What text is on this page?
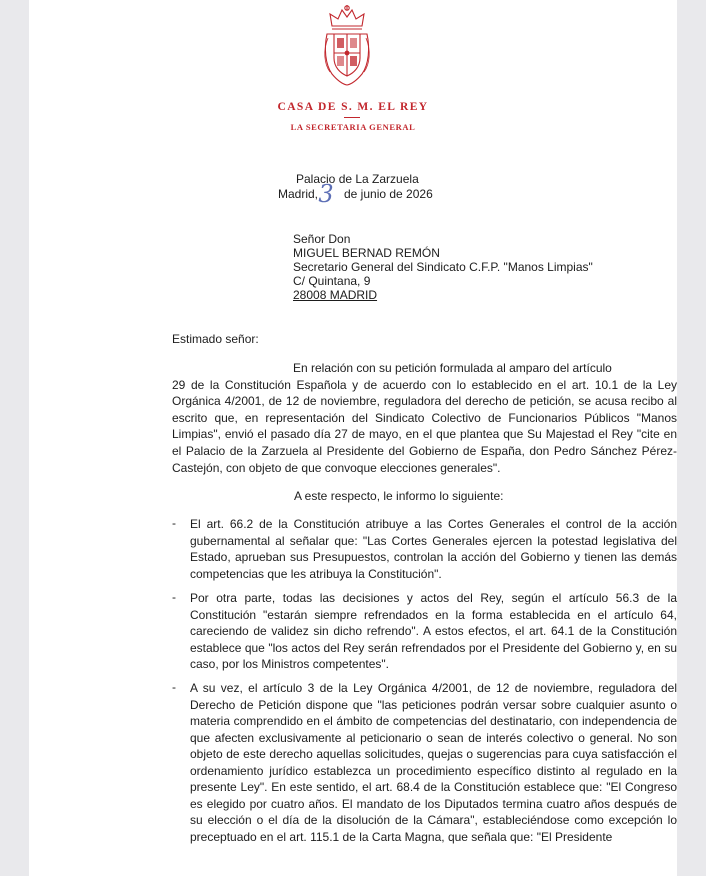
CASA DE S. M. EL REY
LA SECRETARIA GENERAL
Palacio de La Zarzuela
Madrid, 3 de junio de 2026
Señor Don
MIGUEL BERNAD REMÓN
Secretario General del Sindicato C.F.P. "Manos Limpias"
C/ Quintana, 9
28008 MADRID
Estimado señor:
En relación con su petición formulada al amparo del artículo
29 de la Constitución Española y de acuerdo con lo establecido en el art. 10.1 de la Ley Orgánica 4/2001, de 12 de noviembre, reguladora del derecho de petición, se acusa recibo al escrito que, en representación del Sindicato Colectivo de Funcionarios Públicos "Manos Limpias", envió el pasado día 27 de mayo, en el que plantea que Su Majestad el Rey "cite en el Palacio de la Zarzuela al Presidente del Gobierno de España, don Pedro Sánchez Pérez-Castejón, con objeto de que convoque elecciones generales".
A este respecto, le informo lo siguiente:
- El art. 66.2 de la Constitución atribuye a las Cortes Generales el control de la acción gubernamental al señalar que: "Las Cortes Generales ejercen la potestad legislativa del Estado, aprueban sus Presupuestos, controlan la acción del Gobierno y tienen las demás competencias que les atribuya la Constitución".
- Por otra parte, todas las decisiones y actos del Rey, según el artículo 56.3 de la Constitución "estarán siempre refrendados en la forma establecida en el artículo 64, careciendo de validez sin dicho refrendo". A estos efectos, el art. 64.1 de la Constitución establece que "los actos del Rey serán refrendados por el Presidente del Gobierno y, en su caso, por los Ministros competentes".
- A su vez, el artículo 3 de la Ley Orgánica 4/2001, de 12 de noviembre, reguladora del Derecho de Petición dispone que "las peticiones podrán versar sobre cualquier asunto o materia comprendido en el ámbito de competencias del destinatario, con independencia de que afecten exclusivamente al peticionario o sean de interés colectivo o general. No son objeto de este derecho aquellas solicitudes, quejas o sugerencias para cuya satisfacción el ordenamiento jurídico establezca un procedimiento específico distinto al regulado en la presente Ley". En este sentido, el art. 68.4 de la Constitución establece que: "El Congreso es elegido por cuatro años. El mandato de los Diputados termina cuatro años después de su elección o el día de la disolución de la Cámara", estableciéndose como excepción lo preceptuado en el art. 115.1 de la Carta Magna, que señala que: "El Presidente
